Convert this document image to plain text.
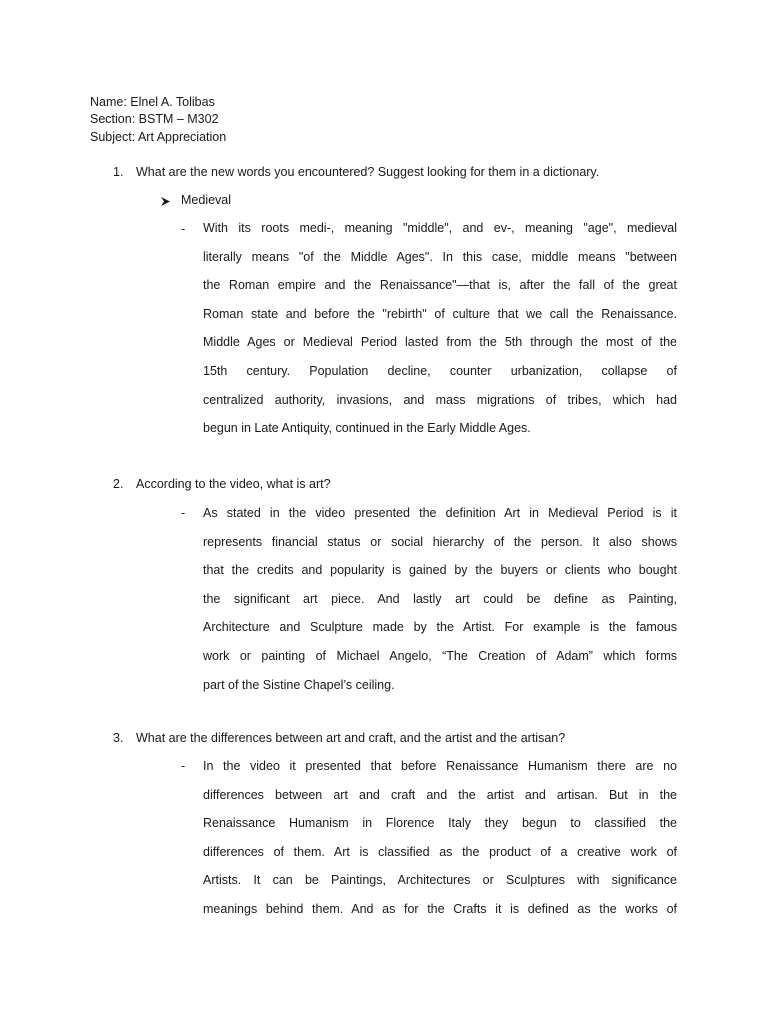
Name: Elnel A. Tolibas
Section: BSTM – M302
Subject: Art Appreciation
1. What are the new words you encountered? Suggest looking for them in a dictionary.
Medieval
- With its roots medi-, meaning "middle", and ev-, meaning "age", medieval
literally means "of the Middle Ages". In this case, middle means "between
the Roman empire and the Renaissance"—that is, after the fall of the great
Roman state and before the "rebirth" of culture that we call the Renaissance.
Middle Ages or Medieval Period lasted from the 5th through the most of the
15th century. Population decline, counter urbanization, collapse of
centralized authority, invasions, and mass migrations of tribes, which had
begun in Late Antiquity, continued in the Early Middle Ages.
2. According to the video, what is art?
- As stated in the video presented the definition Art in Medieval Period is it
represents financial status or social hierarchy of the person. It also shows
that the credits and popularity is gained by the buyers or clients who bought
the significant art piece. And lastly art could be define as Painting,
Architecture and Sculpture made by the Artist. For example is the famous
work or painting of Michael Angelo, “The Creation of Adam” which forms
part of the Sistine Chapel’s ceiling.
3. What are the differences between art and craft, and the artist and the artisan?
- In the video it presented that before Renaissance Humanism there are no
differences between art and craft and the artist and artisan. But in the
Renaissance Humanism in Florence Italy they begun to classified the
differences of them. Art is classified as the product of a creative work of
Artists. It can be Paintings, Architectures or Sculptures with significance
meanings behind them. And as for the Crafts it is defined as the works of
